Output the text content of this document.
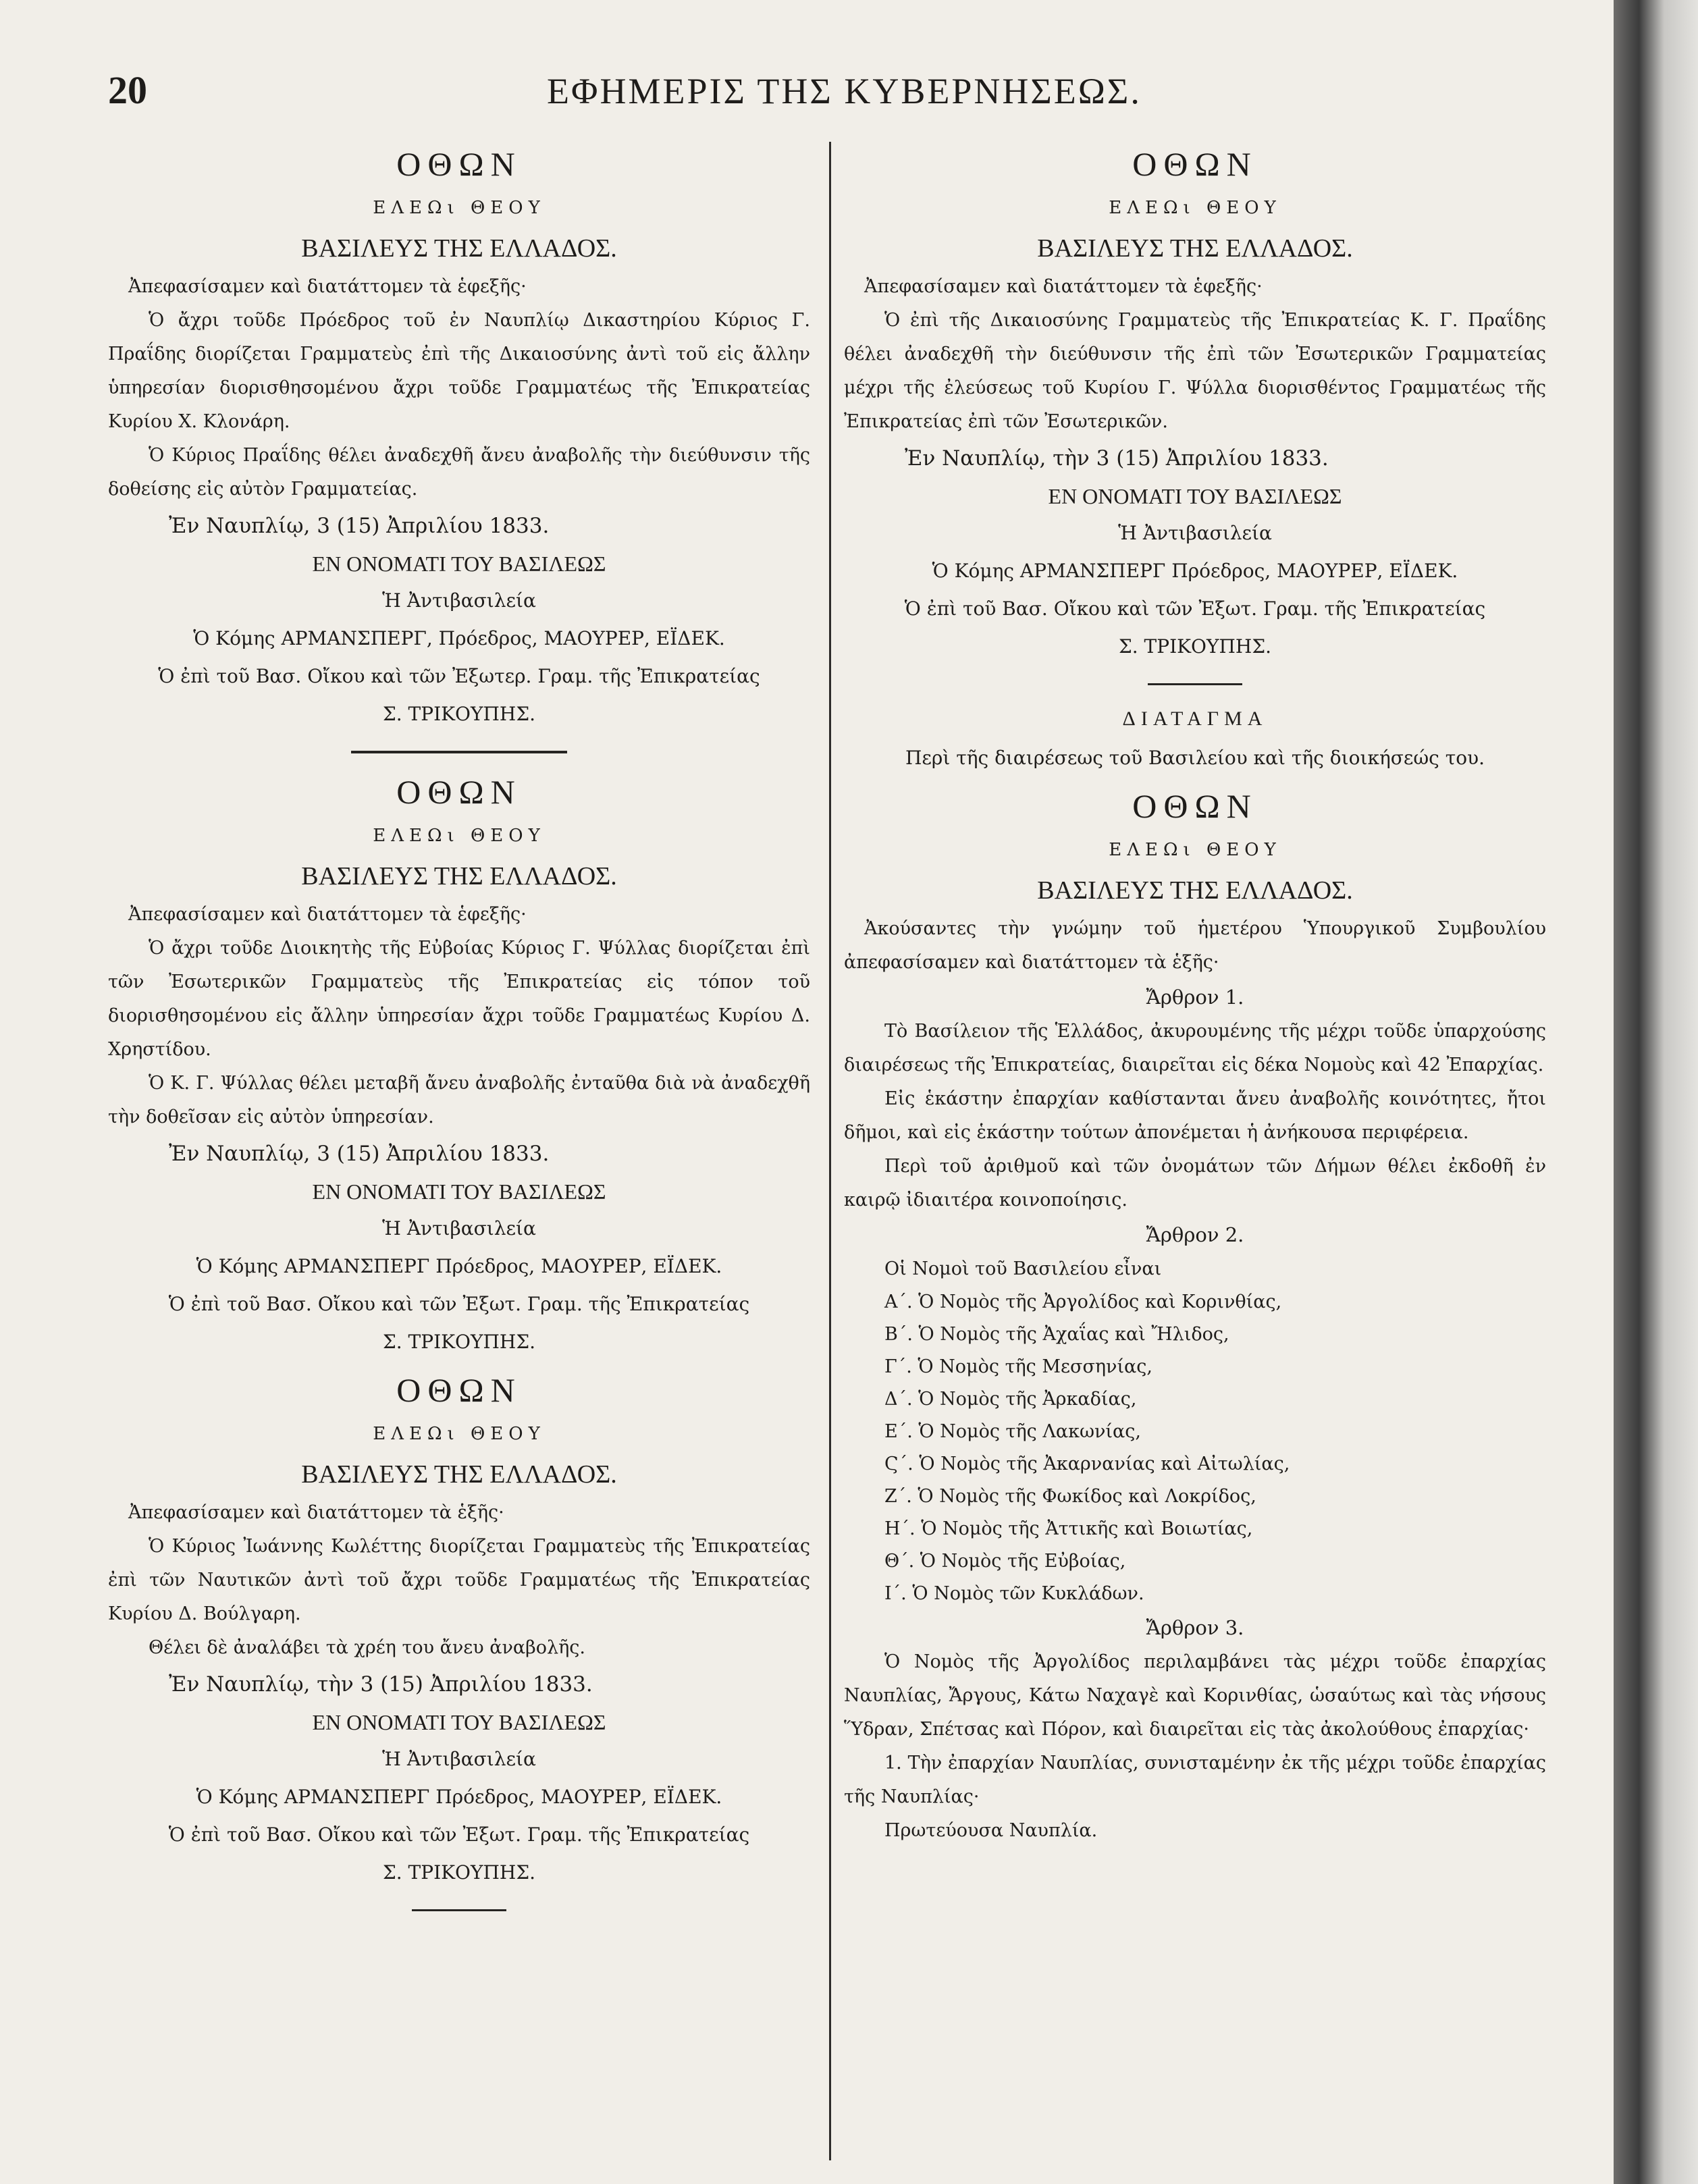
20	ΕΦΗΜΕΡΙΣ ΤΗΣ ΚΥΒΕΡΝΗΣΕΩΣ.

ΟΘΩΝ

ΕΛΕΩι ΘΕΟΥ

ΒΑΣΙΛΕΥΣ ΤΗΣ ΕΛΛΑΔΟΣ.

Ἀπεφασίσαμεν καὶ διατάττομεν τὰ ἑφεξῆς·

Ὁ ἄχρι τοῦδε Πρόεδρος τοῦ ἐν Ναυπλίῳ Δικαστηρίου Κύριος Γ. Πραΐδης διορίζεται Γραμματεὺς ἐπὶ τῆς Δικαιοσύνης ἀντὶ τοῦ εἰς ἄλλην ὑπηρεσίαν διορισθησομένου ἄχρι τοῦδε Γραμματέως τῆς Ἐπικρατείας Κυρίου Χ. Κλονάρη.

Ὁ Κύριος Πραΐδης θέλει ἀναδεχθῆ ἄνευ ἀναβολῆς τὴν διεύθυνσιν τῆς δοθείσης εἰς αὐτὸν Γραμματείας.

Ἐν Ναυπλίῳ, 3 (15) Ἀπριλίου 1833.

ΕΝ ΟΝΟΜΑΤΙ ΤΟΥ ΒΑΣΙΛΕΩΣ

Ἡ Ἀντιβασιλεία

Ὁ Κόμης ΑΡΜΑΝΣΠΕΡΓ, Πρόεδρος, ΜΑΟΥΡΕΡ, ΕΪΔΕΚ.

Ὁ ἐπὶ τοῦ Βασ. Οἴκου καὶ τῶν Ἐξωτερ. Γραμ. τῆς Ἐπικρατείας

Σ. ΤΡΙΚΟΥΠΗΣ.

ΟΘΩΝ

ΕΛΕΩι ΘΕΟΥ

ΒΑΣΙΛΕΥΣ ΤΗΣ ΕΛΛΑΔΟΣ.

Ἀπεφασίσαμεν καὶ διατάττομεν τὰ ἑφεξῆς·

Ὁ ἄχρι τοῦδε Διοικητὴς τῆς Εὐβοίας Κύριος Γ. Ψύλλας διορίζεται ἐπὶ τῶν Ἐσωτερικῶν Γραμματεὺς τῆς Ἐπικρατείας εἰς τόπον τοῦ διορισθησομένου εἰς ἄλλην ὑπηρεσίαν ἄχρι τοῦδε Γραμματέως Κυρίου Δ. Χρηστίδου.

Ὁ Κ. Γ. Ψύλλας θέλει μεταβῆ ἄνευ ἀναβολῆς ἐνταῦθα διὰ νὰ ἀναδεχθῆ τὴν δοθεῖσαν εἰς αὐτὸν ὑπηρεσίαν.

Ἐν Ναυπλίῳ, 3 (15) Ἀπριλίου 1833.

ΕΝ ΟΝΟΜΑΤΙ ΤΟΥ ΒΑΣΙΛΕΩΣ

Ἡ Ἀντιβασιλεία

Ὁ Κόμης ΑΡΜΑΝΣΠΕΡΓ Πρόεδρος, ΜΑΟΥΡΕΡ, ΕΪΔΕΚ.

Ὁ ἐπὶ τοῦ Βασ. Οἴκου καὶ τῶν Ἐξωτ. Γραμ. τῆς Ἐπικρατείας

Σ. ΤΡΙΚΟΥΠΗΣ.

ΟΘΩΝ

ΕΛΕΩι ΘΕΟΥ

ΒΑΣΙΛΕΥΣ ΤΗΣ ΕΛΛΑΔΟΣ.

Ἀπεφασίσαμεν καὶ διατάττομεν τὰ ἑξῆς·

Ὁ Κύριος Ἰωάννης Κωλέττης διορίζεται Γραμματεὺς τῆς Ἐπικρατείας ἐπὶ τῶν Ναυτικῶν ἀντὶ τοῦ ἄχρι τοῦδε Γραμματέως τῆς Ἐπικρατείας Κυρίου Δ. Βούλγαρη.

Θέλει δὲ ἀναλάβει τὰ χρέη του ἄνευ ἀναβολῆς.

Ἐν Ναυπλίῳ, τὴν 3 (15) Ἀπριλίου 1833.

ΕΝ ΟΝΟΜΑΤΙ ΤΟΥ ΒΑΣΙΛΕΩΣ

Ἡ Ἀντιβασιλεία

Ὁ Κόμης ΑΡΜΑΝΣΠΕΡΓ Πρόεδρος, ΜΑΟΥΡΕΡ, ΕΪΔΕΚ.

Ὁ ἐπὶ τοῦ Βασ. Οἴκου καὶ τῶν Ἐξωτ. Γραμ. τῆς Ἐπικρατείας

Σ. ΤΡΙΚΟΥΠΗΣ.

ΟΘΩΝ

ΕΛΕΩι ΘΕΟΥ

ΒΑΣΙΛΕΥΣ ΤΗΣ ΕΛΛΑΔΟΣ.

Ἀπεφασίσαμεν καὶ διατάττομεν τὰ ἑφεξῆς·

Ὁ ἐπὶ τῆς Δικαιοσύνης Γραμματεὺς τῆς Ἐπικρατείας Κ. Γ. Πραΐδης θέλει ἀναδεχθῆ τὴν διεύθυνσιν τῆς ἐπὶ τῶν Ἐσωτερικῶν Γραμματείας μέχρι τῆς ἐλεύσεως τοῦ Κυρίου Γ. Ψύλλα διορισθέντος Γραμματέως τῆς Ἐπικρατείας ἐπὶ τῶν Ἐσωτερικῶν.

Ἐν Ναυπλίῳ, τὴν 3 (15) Ἀπριλίου 1833.

ΕΝ ΟΝΟΜΑΤΙ ΤΟΥ ΒΑΣΙΛΕΩΣ

Ἡ Ἀντιβασιλεία

Ὁ Κόμης ΑΡΜΑΝΣΠΕΡΓ Πρόεδρος, ΜΑΟΥΡΕΡ, ΕΪΔΕΚ.

Ὁ ἐπὶ τοῦ Βασ. Οἴκου καὶ τῶν Ἐξωτ. Γραμ. τῆς Ἐπικρατείας

Σ. ΤΡΙΚΟΥΠΗΣ.

ΔΙΑΤΑΓΜΑ

Περὶ τῆς διαιρέσεως τοῦ Βασιλείου καὶ τῆς διοικήσεώς του.

ΟΘΩΝ

ΕΛΕΩι ΘΕΟΥ

ΒΑΣΙΛΕΥΣ ΤΗΣ ΕΛΛΑΔΟΣ.

Ἀκούσαντες τὴν γνώμην τοῦ ἡμετέρου Ὑπουργικοῦ Συμβουλίου ἀπεφασίσαμεν καὶ διατάττομεν τὰ ἑξῆς·

Ἄρθρον 1.

Τὸ Βασίλειον τῆς Ἑλλάδος, ἀκυρουμένης τῆς μέχρι τοῦδε ὑπαρχούσης διαιρέσεως τῆς Ἐπικρατείας, διαιρεῖται εἰς δέκα Νομοὺς καὶ 42 Ἐπαρχίας.

Εἰς ἑκάστην ἐπαρχίαν καθίστανται ἄνευ ἀναβολῆς κοινότητες, ἤτοι δῆμοι, καὶ εἰς ἑκάστην τούτων ἀπονέμεται ἡ ἀνήκουσα περιφέρεια.

Περὶ τοῦ ἀριθμοῦ καὶ τῶν ὀνομάτων τῶν Δήμων θέλει ἐκδοθῆ ἐν καιρῷ ἰδιαιτέρα κοινοποίησις.

Ἄρθρον 2.

Οἱ Νομοὶ τοῦ Βασιλείου εἶναι

Α΄. Ὁ Νομὸς τῆς Ἀργολίδος καὶ Κορινθίας,

Β΄. Ὁ Νομὸς τῆς Ἀχαΐας καὶ Ἤλιδος,

Γ΄. Ὁ Νομὸς τῆς Μεσσηνίας,

Δ΄. Ὁ Νομὸς τῆς Ἀρκαδίας,

Ε΄. Ὁ Νομὸς τῆς Λακωνίας,

Ϛ΄. Ὁ Νομὸς τῆς Ἀκαρνανίας καὶ Αἰτωλίας,

Ζ΄. Ὁ Νομὸς τῆς Φωκίδος καὶ Λοκρίδος,

Η΄. Ὁ Νομὸς τῆς Ἀττικῆς καὶ Βοιωτίας,

Θ΄. Ὁ Νομὸς τῆς Εὐβοίας,

Ι΄. Ὁ Νομὸς τῶν Κυκλάδων.

Ἄρθρον 3.

Ὁ Νομὸς τῆς Ἀργολίδος περιλαμβάνει τὰς μέχρι τοῦδε ἐπαρχίας Ναυπλίας, Ἄργους, Κάτω Ναχαγὲ καὶ Κορινθίας, ὡσαύτως καὶ τὰς νήσους Ὕδραν, Σπέτσας καὶ Πόρον, καὶ διαιρεῖται εἰς τὰς ἀκολούθους ἐπαρχίας·

1. Τὴν ἐπαρχίαν Ναυπλίας, συνισταμένην ἐκ τῆς μέχρι τοῦδε ἐπαρχίας τῆς Ναυπλίας·

Πρωτεύουσα Ναυπλία.
